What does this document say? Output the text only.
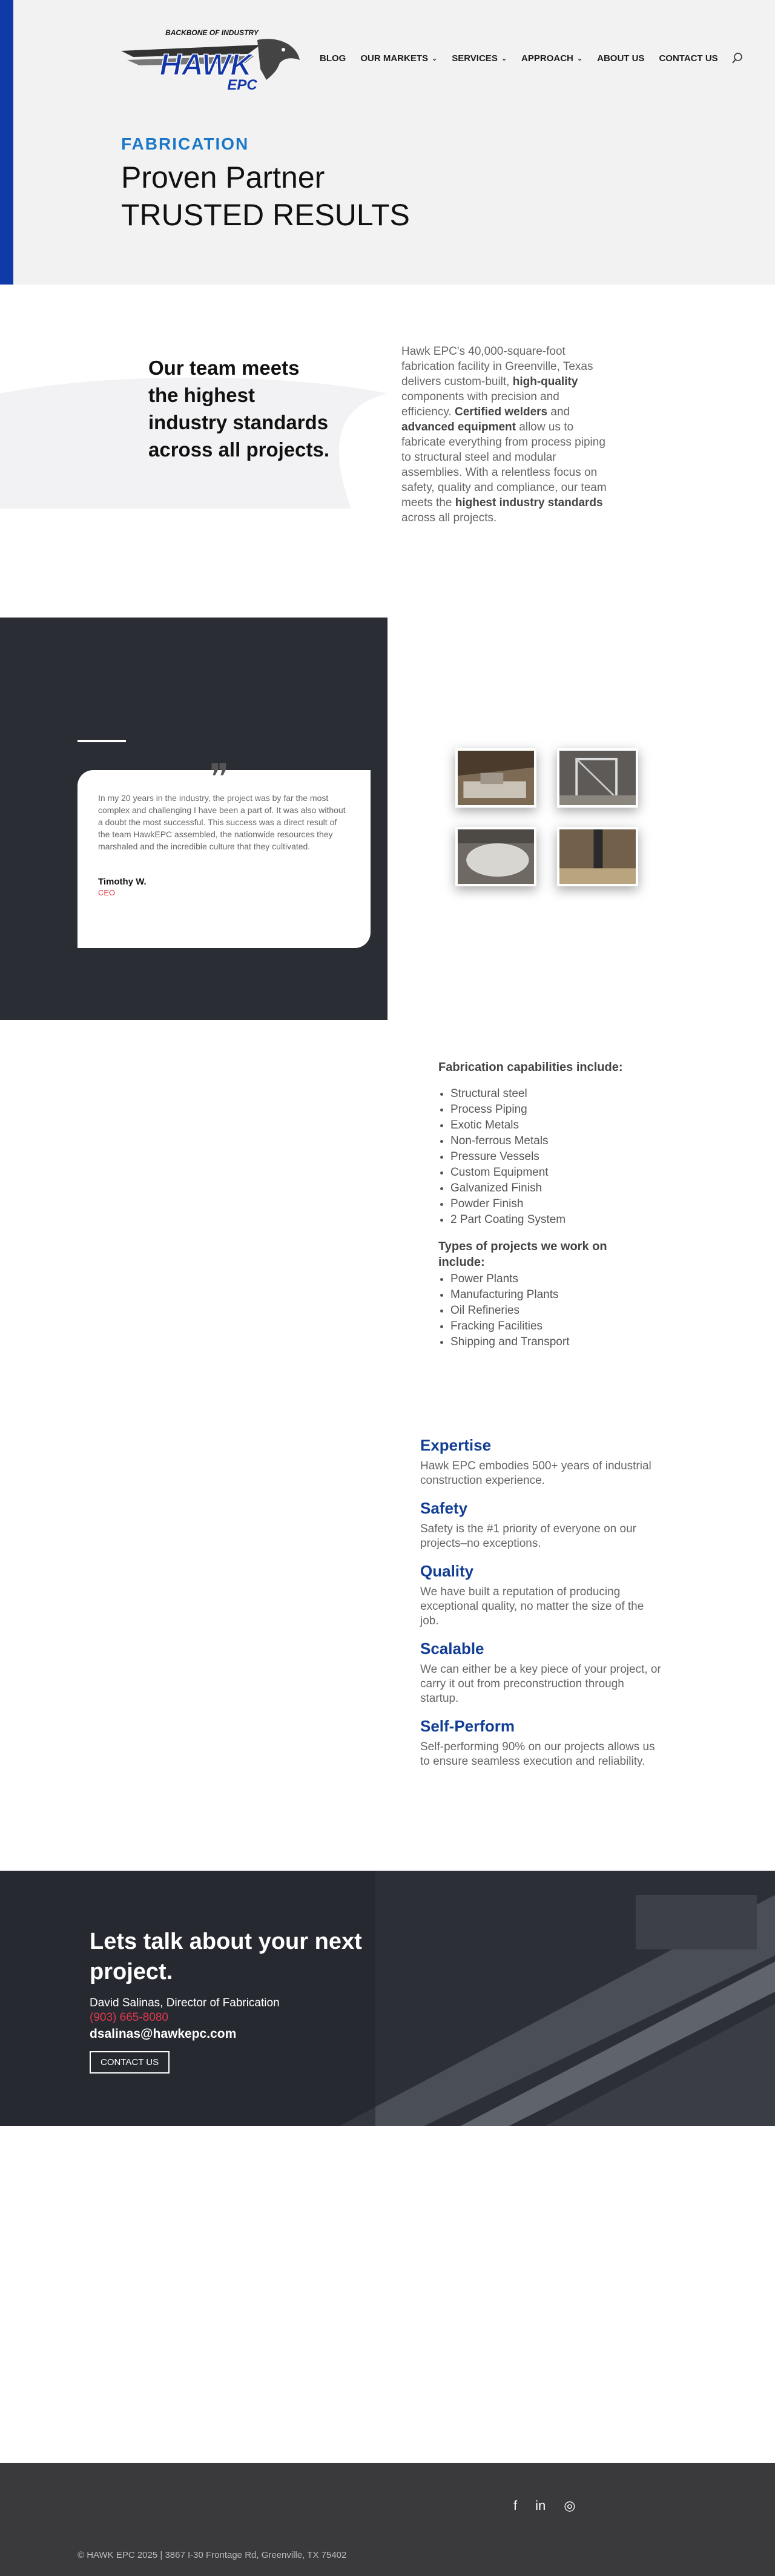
BACKBONE OF INDUSTRY
HAWK
EPC
BLOG OUR MARKETS ⌄ SERVICES ⌄ APPROACH ⌄ ABOUT US CONTACT US
FABRICATION
Proven Partner
TRUSTED RESULTS
Our team meets the highest industry standards across all projects.
Hawk EPC's 40,000-square-foot fabrication facility in Greenville, Texas delivers custom-built, high-quality components with precision and efficiency. Certified welders and advanced equipment allow us to fabricate everything from process piping to structural steel and modular assemblies. With a relentless focus on safety, quality and compliance, our team meets the highest industry standards across all projects.
❞

In my 20 years in the industry, the project was by far the most complex and challenging I have been a part of. It was also without a doubt the most successful. This success was a direct result of the team HawkEPC assembled, the nationwide resources they marshaled and the incredible culture that they cultivated.

Timothy W.
CEO
Fabrication capabilities include:
• Structural steel
• Process Piping
• Exotic Metals
• Non-ferrous Metals
• Pressure Vessels
• Custom Equipment
• Galvanized Finish
• Powder Finish
• 2 Part Coating System
Types of projects we work on include:
• Power Plants
• Manufacturing Plants
• Oil Refineries
• Fracking Facilities
• Shipping and Transport
Expertise

Hawk EPC embodies 500+ years of industrial construction experience.

Safety

Safety is the #1 priority of everyone on our projects–no exceptions.

Quality

We have built a reputation of producing exceptional quality, no matter the size of the job.

Scalable

We can either be a key piece of your project, or carry it out from preconstruction through startup.

Self-Perform

Self-performing 90% on our projects allows us to ensure seamless execution and reliability.

Lets talk about your next project.
David Salinas, Director of Fabrication
(903) 665-8080
dsalinas@hawkepc.com
CONTACT US
f in ◎
© HAWK EPC 2025 | 3867 I-30 Frontage Rd, Greenville, TX 75402
